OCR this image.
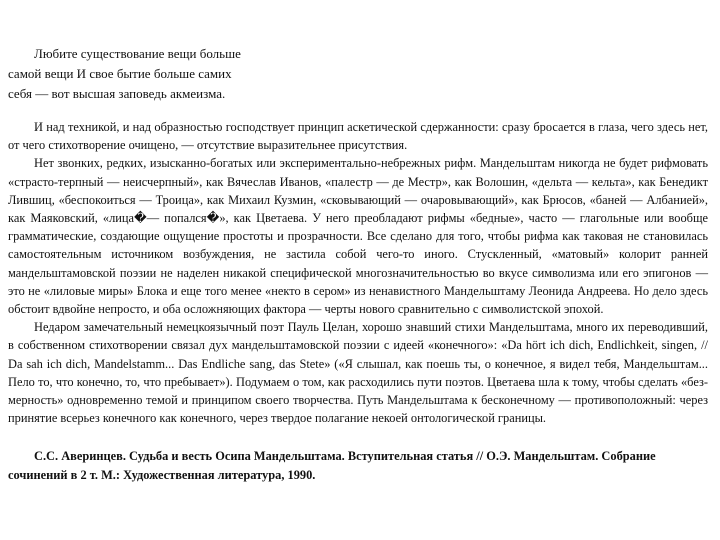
Любите существование вещи больше
самой вещи И свое бытие больше самих
себя — вот высшая заповедь акмеизма.

И над техникой, и над образностью господствует принцип аскетической сдержанности: сразу бросается в глаза, чего здесь нет, от чего стихотворение очищено, — отсутствие выразительнее присутствия.

Нет звонких, редких, изысканно-богатых или экспериментально-небрежных рифм. Мандельштам никогда не будет рифмовать «страсто-терпный — неисчерпный», как Вячеслав Иванов, «палестр — де Местр», как Волошин, «дельта — кельта», как Бенедикт Лившиц, «беспокоиться — Троица», как Михаил Кузмин, «сковывающий — очаровывающий», как Брюсов, «баней — Албанией», как Маяковский, «лица�— попался�», как Цветаева. У него преобладают рифмы «бедные», часто — глагольные или вообще грамматические, создающие ощущение простоты и прозрачности. Все сделано для того, чтобы рифма как таковая не становилась самостоятельным источником возбуждения, не застила собой чего-то иного. Стускленный, «матовый» колорит ранней мандельштамовской поэзии не наделен никакой специфической многозначительностью во вкусе символизма или его эпигонов — это не «лиловые миры» Блока и еще того менее «некто в сером» из ненавистного Мандельштаму Леонида Андреева. Но дело здесь обстоит вдвойне непросто, и оба осложняющих фактора — черты нового сравнительно с символистской эпохой.

Недаром замечательный немецкоязычный поэт Пауль Целан, хорошо знавший стихи Мандельштама, много их переводивший, в собственном стихотворении связал дух мандельштамовской поэзии с идеей «конечного»: «Da hört ich dich, Endlichkeit, singen, // Da sah ich dich, Mandelstamm... Das Endliche sang, das Stete» («Я слышал, как поешь ты, о конечное, я видел тебя, Мандельштам... Пело то, что конечно, то, что пребывает»). Подумаем о том, как расходились пути поэтов. Цветаева шла к тому, чтобы сделать «без-мерность» одновременно темой и принципом своего творчества. Путь Мандельштама к бесконечному — противоположный: через принятие всерьез конечного как конечного, через твердое полагание некоей онтологической границы.

С.С. Аверинцев. Судьба и весть Осипа Мандельштама. Вступительная статья // О.Э. Мандельштам. Собрание сочинений в 2 т. М.: Художественная литература, 1990.
